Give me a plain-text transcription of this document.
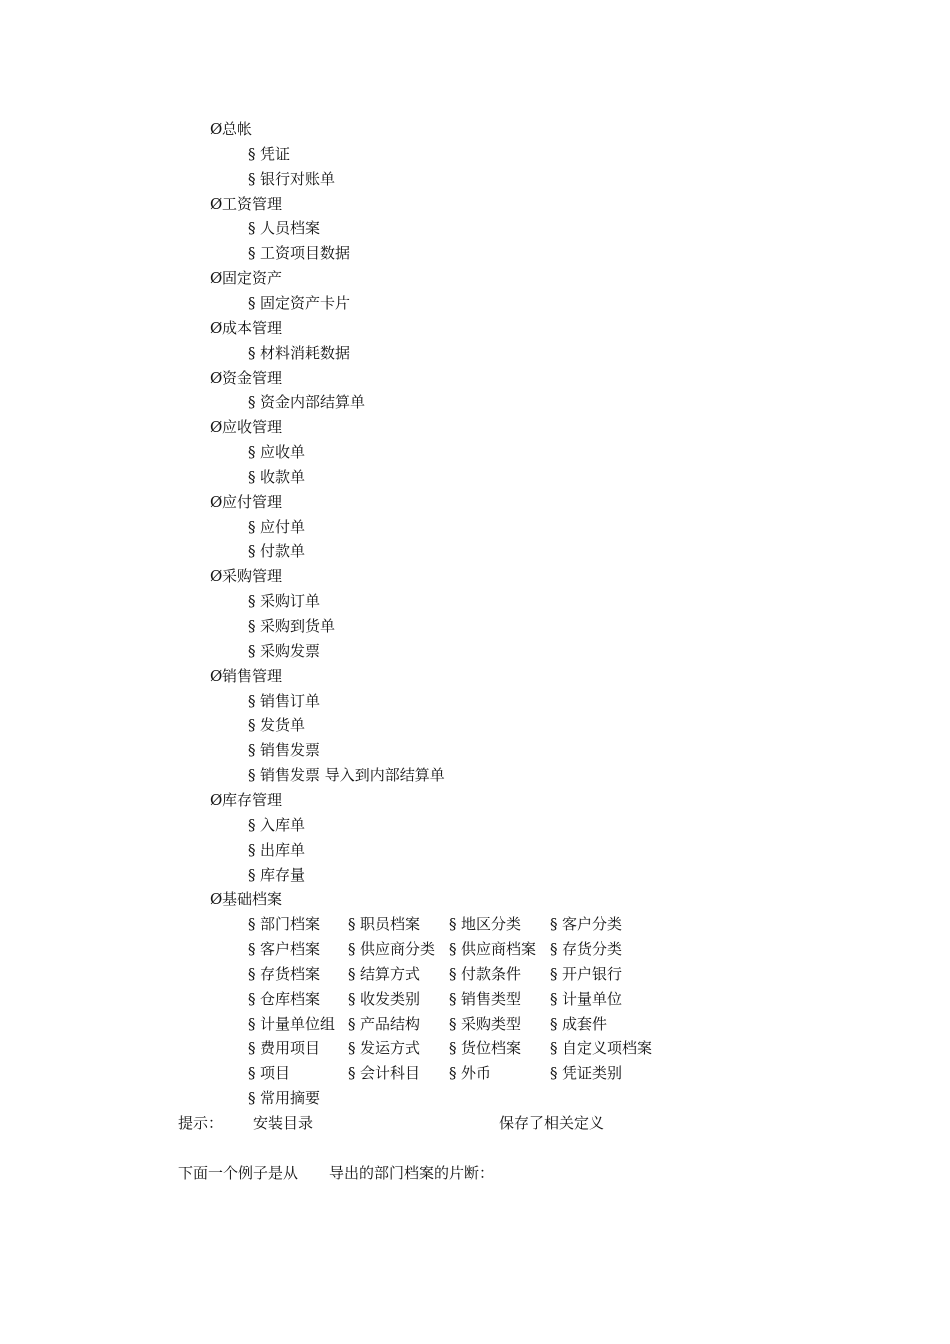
Ø总帐
§ 凭证
§ 银行对账单
Ø工资管理
§ 人员档案
§ 工资项目数据
Ø固定资产
§ 固定资产卡片
Ø成本管理
§ 材料消耗数据
Ø资金管理
§ 资金内部结算单
Ø应收管理
§ 应收单
§ 收款单
Ø应付管理
§ 应付单
§ 付款单
Ø采购管理
§ 采购订单
§ 采购到货单
§ 采购发票
Ø销售管理
§ 销售订单
§ 发货单
§ 销售发票
§ 销售发票 导入到内部结算单
Ø库存管理
§ 入库单
§ 出库单
§ 库存量
Ø基础档案
§ 部门档案 § 职员档案 § 地区分类 § 客户分类
§ 客户档案 § 供应商分类 § 供应商档案 § 存货分类
§ 存货档案 § 结算方式 § 付款条件 § 开户银行
§ 仓库档案 § 收发类别 § 销售类型 § 计量单位
§ 计量单位组 § 产品结构 § 采购类型 § 成套件
§ 费用项目 § 发运方式 § 货位档案 § 自定义项档案
§ 项目	§ 会计科目 § 外币	§ 凭证类别
§ 常用摘要
提示： 安装目录	保存了相关定义
下面一个例子是从 导出的部门档案的片断：
